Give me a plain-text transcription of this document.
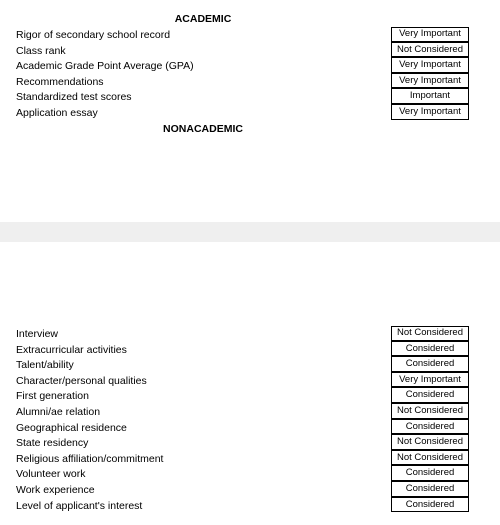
ACADEMIC
Rigor of secondary school record	Very Important
Class rank	Not Considered
Academic Grade Point Average (GPA)	Very Important
Recommendations	Very Important
Standardized test scores	Important
Application essay	Very Important
NONACADEMIC
Interview	Not Considered
Extracurricular activities	Considered
Talent/ability	Considered
Character/personal qualities	Very Important
First generation	Considered
Alumni/ae relation	Not Considered
Geographical residence	Considered
State residency	Not Considered
Religious affiliation/commitment	Not Considered
Volunteer work	Considered
Work experience	Considered
Level of applicant's interest	Considered
